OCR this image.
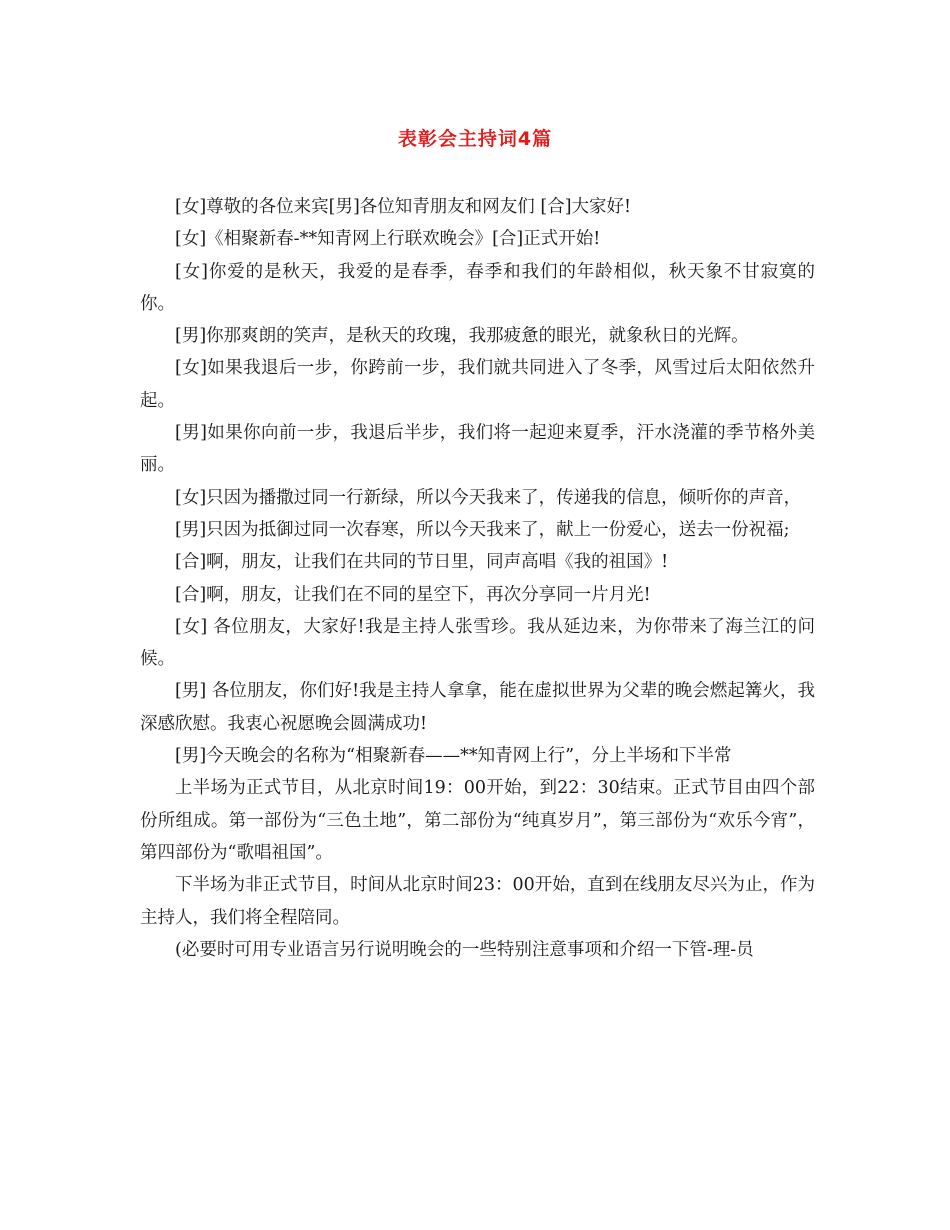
表彰会主持词4篇

[女]尊敬的各位来宾[男]各位知青朋友和网友们 [合]大家好!

[女]《相聚新春-**知青网上行联欢晚会》[合]正式开始!

[女]你爱的是秋天，我爱的是春季，春季和我们的年龄相似，秋天象不甘寂寞的你。

[男]你那爽朗的笑声，是秋天的玫瑰，我那疲惫的眼光，就象秋日的光辉。

[女]如果我退后一步，你跨前一步，我们就共同进入了冬季，风雪过后太阳依然升起。

[男]如果你向前一步，我退后半步，我们将一起迎来夏季，汗水浇灌的季节格外美丽。

[女]只因为播撒过同一行新绿，所以今天我来了，传递我的信息，倾听你的声音，

[男]只因为抵御过同一次春寒，所以今天我来了，献上一份爱心，送去一份祝福;

[合]啊，朋友，让我们在共同的节日里，同声高唱《我的祖国》!

[合]啊，朋友，让我们在不同的星空下，再次分享同一片月光!

[女] 各位朋友，大家好!我是主持人张雪珍。我从延边来，为你带来了海兰江的问候。

[男] 各位朋友，你们好!我是主持人拿拿，能在虚拟世界为父辈的晚会燃起篝火，我深感欣慰。我衷心祝愿晚会圆满成功!

[男]今天晚会的名称为“相聚新春——**知青网上行”，分上半场和下半常

上半场为正式节目，从北京时间19：00开始，到22：30结束。正式节目由四个部份所组成。第一部份为“三色土地”，第二部份为“纯真岁月”，第三部份为“欢乐今宵”，第四部份为“歌唱祖国”。

下半场为非正式节目，时间从北京时间23：00开始，直到在线朋友尽兴为止，作为主持人，我们将全程陪同。

(必要时可用专业语言另行说明晚会的一些特别注意事项和介绍一下管-理-员
